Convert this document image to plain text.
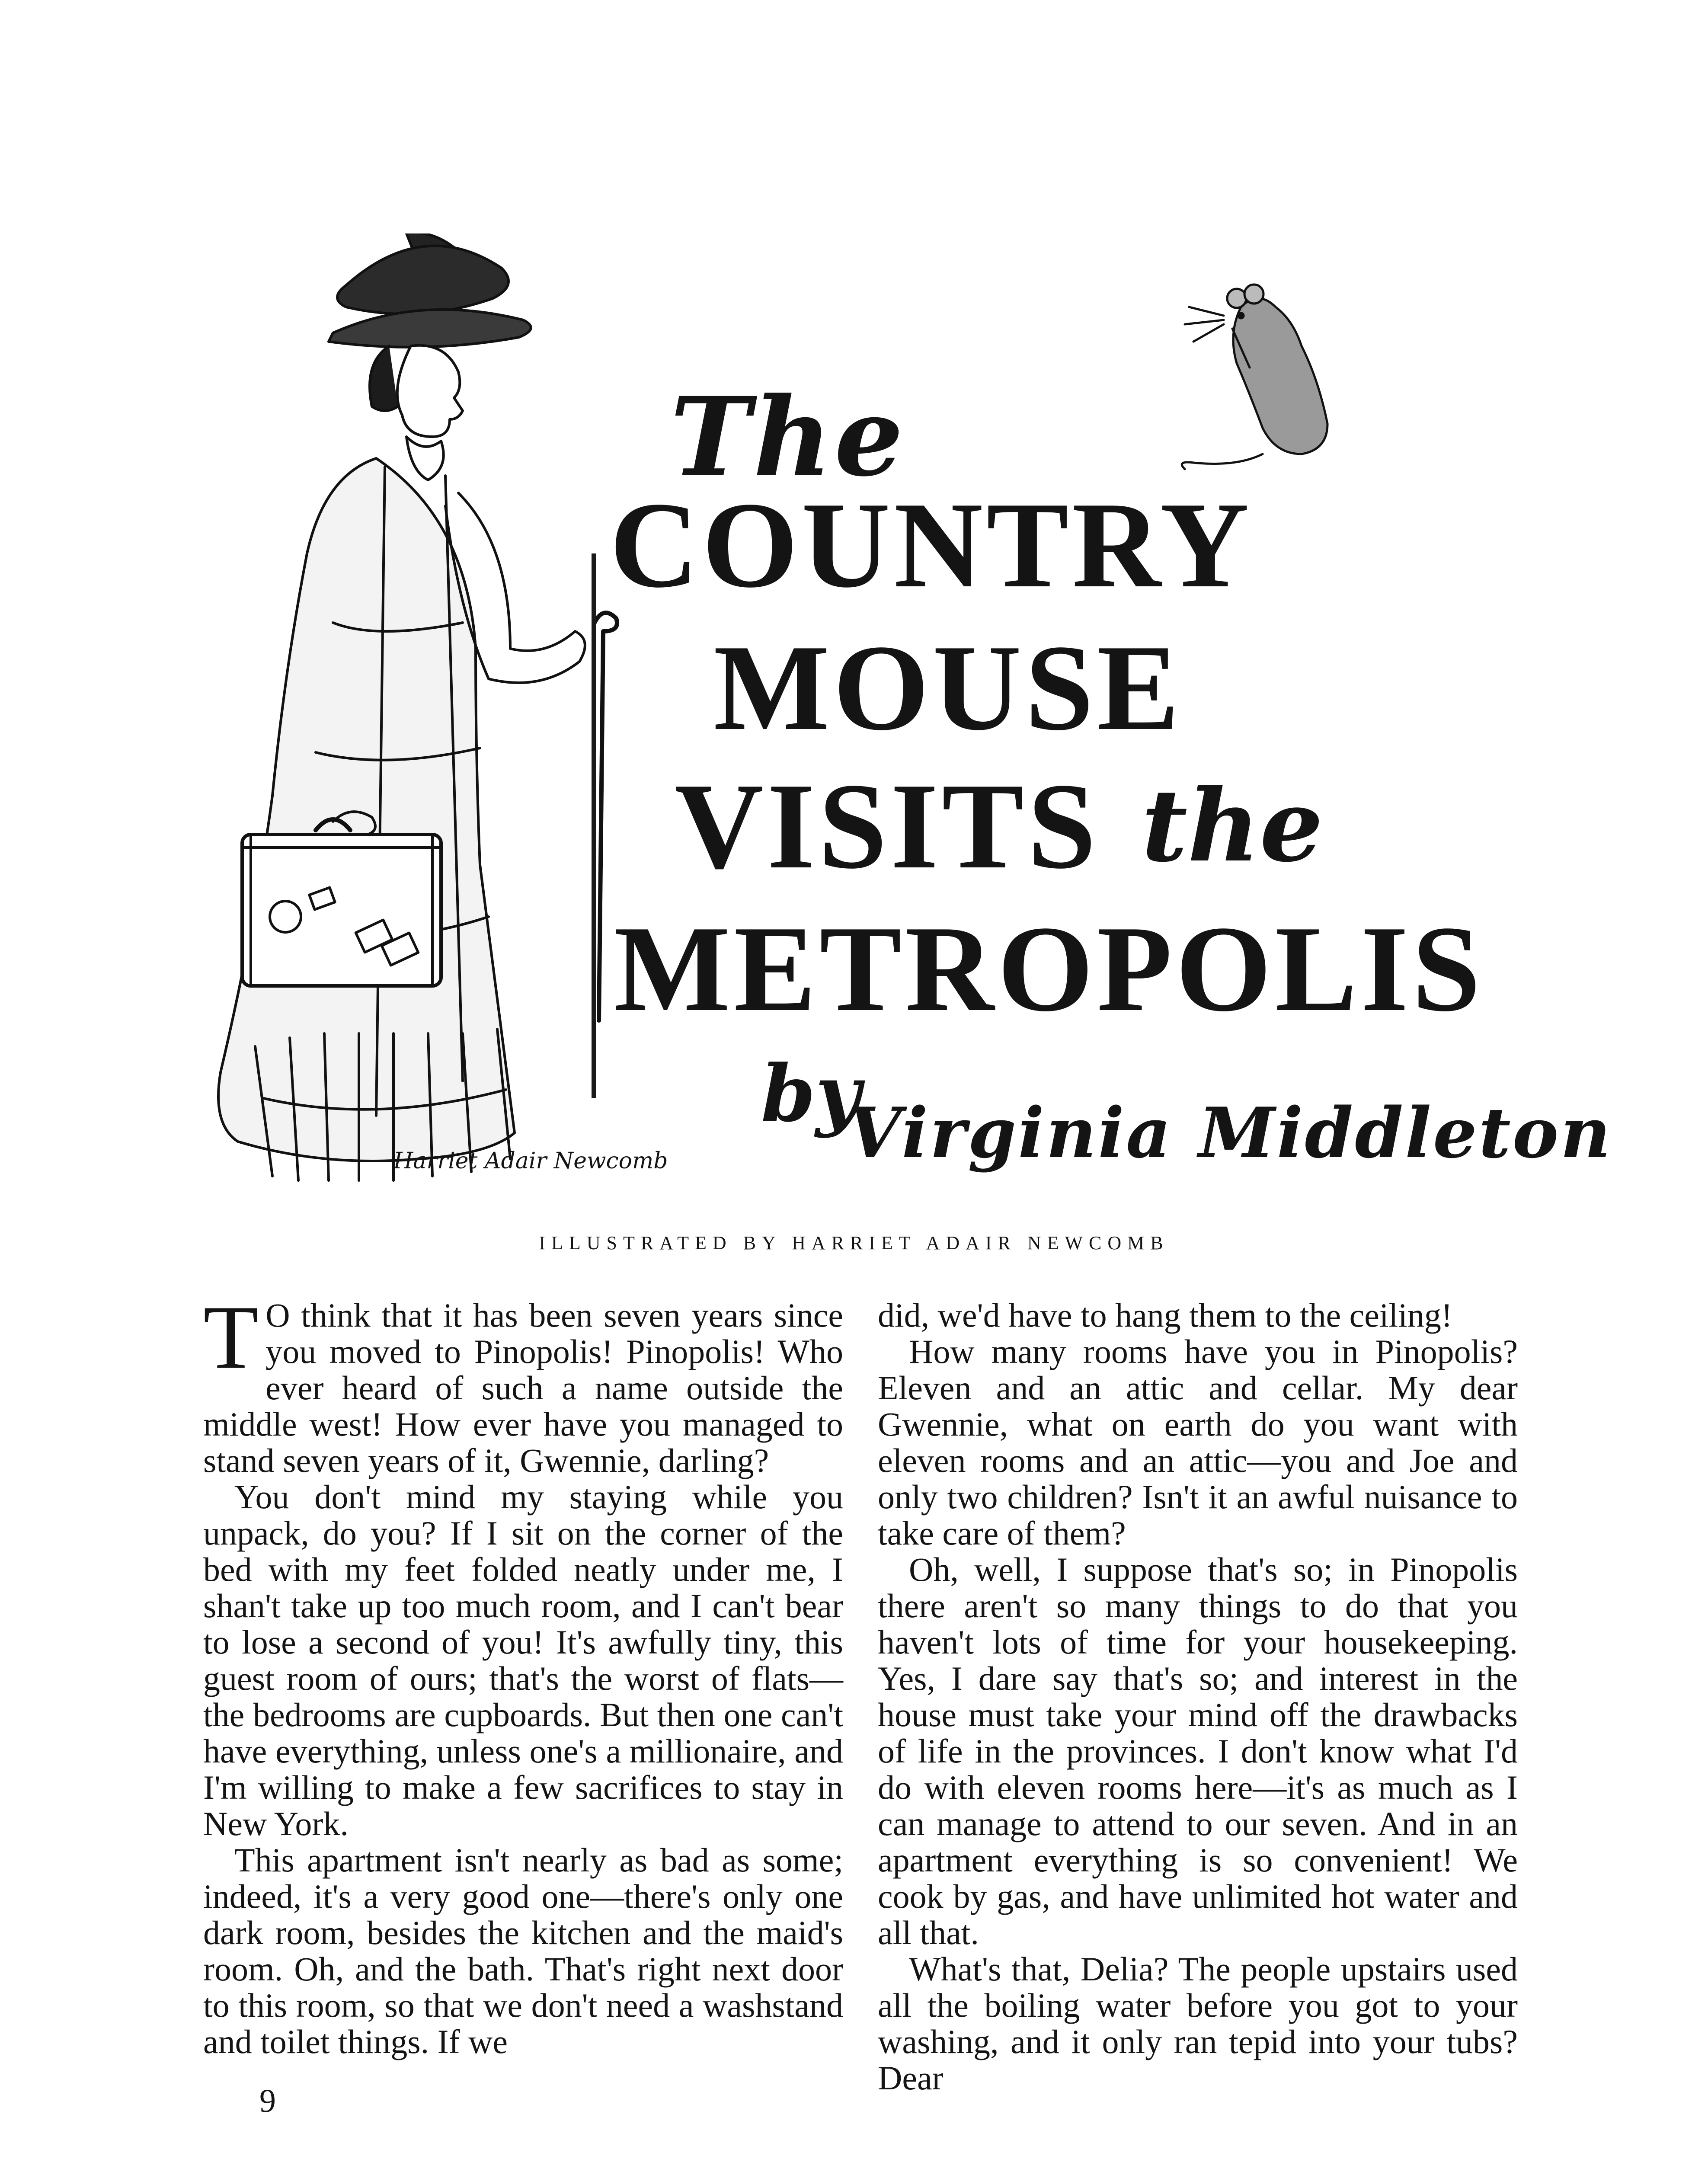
The
COUNTRY
MOUSE
VISITS the
METROPOLIS
by
Virginia Middleton
Harriet Adair Newcomb
ILLUSTRATED BY HARRIET ADAIR NEWCOMB

T O think that it has been seven years since you moved to Pinopolis! Pinopolis! Who ever heard of such a name outside the middle west! How ever have you managed to stand seven years of it, Gwennie, darling?

You don't mind my staying while you unpack, do you? If I sit on the corner of the bed with my feet folded neatly under me, I shan't take up too much room, and I can't bear to lose a second of you! It's awfully tiny, this guest room of ours; that's the worst of flats—the bedrooms are cupboards. But then one can't have everything, unless one's a millionaire, and I'm willing to make a few sacrifices to stay in New York.

This apartment isn't nearly as bad as some; indeed, it's a very good one—there's only one dark room, besides the kitchen and the maid's room. Oh, and the bath. That's right next door to this room, so that we don't need a washstand and toilet things. If we

did, we'd have to hang them to the ceiling!

How many rooms have you in Pinopolis? Eleven and an attic and cellar. My dear Gwennie, what on earth do you want with eleven rooms and an attic—you and Joe and only two children? Isn't it an awful nuisance to take care of them?

Oh, well, I suppose that's so; in Pinopolis there aren't so many things to do that you haven't lots of time for your housekeeping. Yes, I dare say that's so; and interest in the house must take your mind off the drawbacks of life in the provinces. I don't know what I'd do with eleven rooms here—it's as much as I can manage to attend to our seven. And in an apartment everything is so convenient! We cook by gas, and have unlimited hot water and all that.

What's that, Delia? The people upstairs used all the boiling water before you got to your washing, and it only ran tepid into your tubs? Dear

9
